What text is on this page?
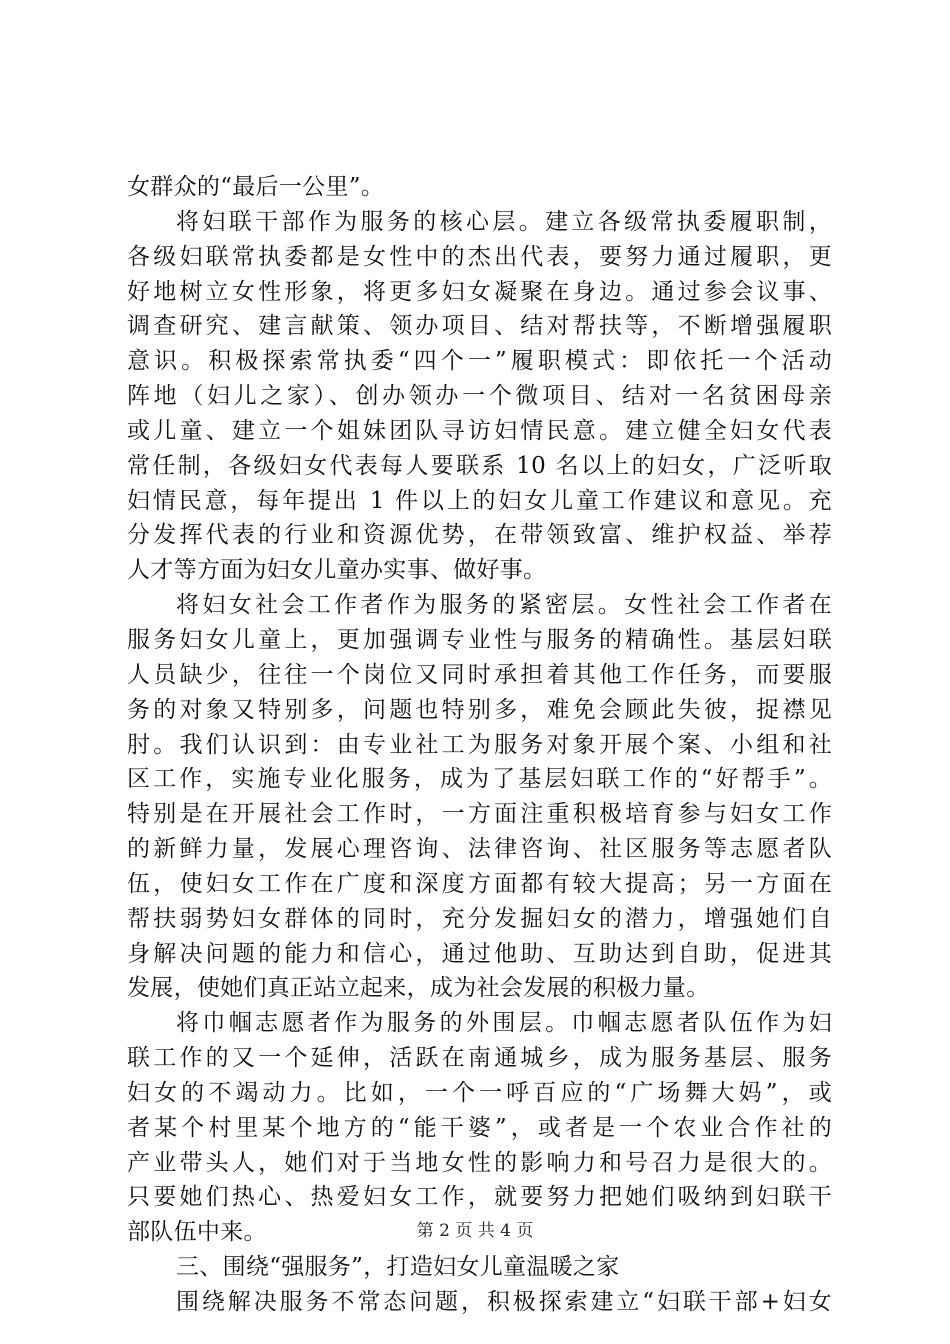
女群众的“最后一公里”。
将妇联干部作为服务的核心层。建立各级常执委履职制，
各级妇联常执委都是女性中的杰出代表，要努力通过履职，更
好地树立女性形象，将更多妇女凝聚在身边。通过参会议事、
调查研究、建言献策、领办项目、结对帮扶等，不断增强履职
意识。积极探索常执委“四个一”履职模式：即依托一个活动
阵地（妇儿之家）、创办领办一个微项目、结对一名贫困母亲
或儿童、建立一个姐妹团队寻访妇情民意。建立健全妇女代表
常任制，各级妇女代表每人要联系 10 名以上的妇女，广泛听取
妇情民意，每年提出 1 件以上的妇女儿童工作建议和意见。充
分发挥代表的行业和资源优势，在带领致富、维护权益、举荐
人才等方面为妇女儿童办实事、做好事。
将妇女社会工作者作为服务的紧密层。女性社会工作者在
服务妇女儿童上，更加强调专业性与服务的精确性。基层妇联
人员缺少，往往一个岗位又同时承担着其他工作任务，而要服
务的对象又特别多，问题也特别多，难免会顾此失彼，捉襟见
肘。我们认识到：由专业社工为服务对象开展个案、小组和社
区工作，实施专业化服务，成为了基层妇联工作的“好帮手”。
特别是在开展社会工作时，一方面注重积极培育参与妇女工作
的新鲜力量，发展心理咨询、法律咨询、社区服务等志愿者队
伍，使妇女工作在广度和深度方面都有较大提高；另一方面在
帮扶弱势妇女群体的同时，充分发掘妇女的潜力，增强她们自
身解决问题的能力和信心，通过他助、互助达到自助，促进其
发展，使她们真正站立起来，成为社会发展的积极力量。
将巾帼志愿者作为服务的外围层。巾帼志愿者队伍作为妇
联工作的又一个延伸，活跃在南通城乡，成为服务基层、服务
妇女的不竭动力。比如，一个一呼百应的“广场舞大妈”，或
者某个村里某个地方的“能干婆”，或者是一个农业合作社的
产业带头人，她们对于当地女性的影响力和号召力是很大的。
只要她们热心、热爱妇女工作，就要努力把她们吸纳到妇联干
部队伍中来。
三、围绕“强服务”，打造妇女儿童温暖之家
围绕解决服务不常态问题，积极探索建立“妇联干部+妇女
第 2 页 共 4 页
